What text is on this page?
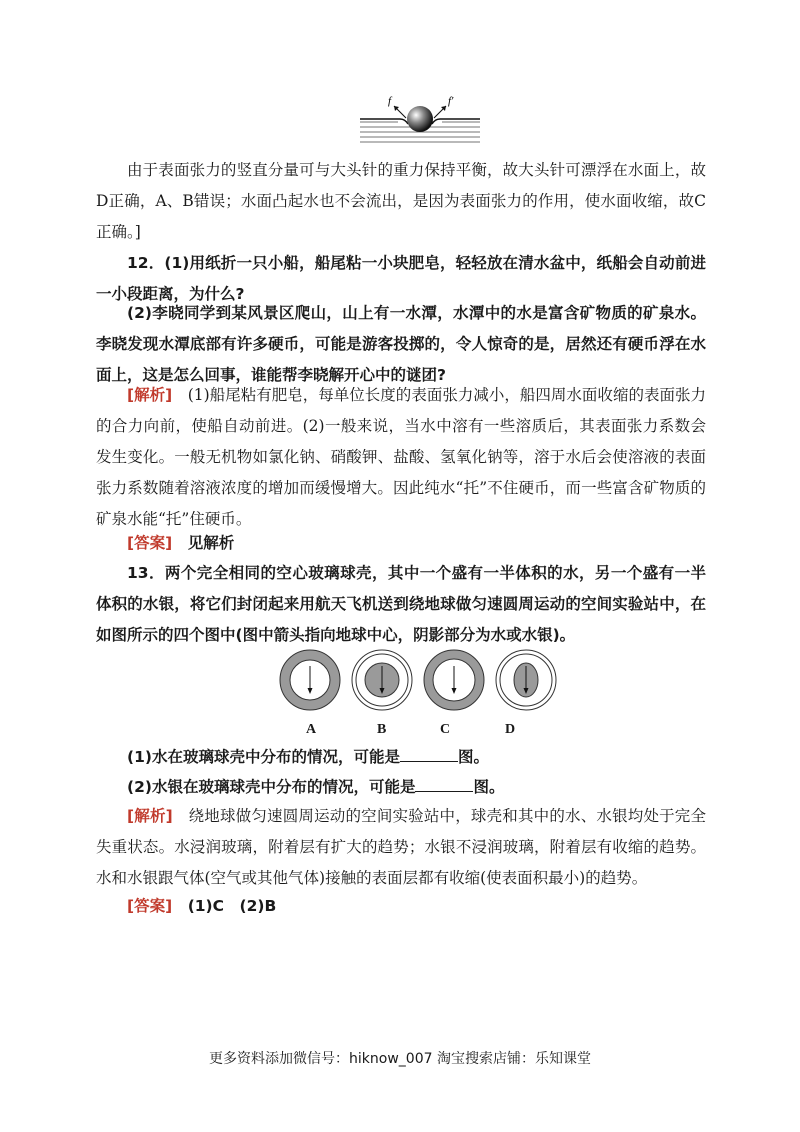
f	f′

由于表面张力的竖直分量可与大头针的重力保持平衡，故大头针可漂浮在水面上，故D正确，A、B错误；水面凸起水也不会流出，是因为表面张力的作用，使水面收缩，故C正确。]

12．(1)用纸折一只小船，船尾粘一小块肥皂，轻轻放在清水盆中，纸船会自动前进一小段距离，为什么?

(2)李晓同学到某风景区爬山，山上有一水潭，水潭中的水是富含矿物质的矿泉水。李晓发现水潭底部有许多硬币，可能是游客投掷的，令人惊奇的是，居然还有硬币浮在水面上，这是怎么回事，谁能帮李晓解开心中的谜团?

[解析]　 (1)船尾粘有肥皂，每单位长度的表面张力减小，船四周水面收缩的表面张力的合力向前，使船自动前进。(2)一般来说，当水中溶有一些溶质后，其表面张力系数会发生变化。一般无机物如氯化钠、硝酸钾、盐酸、氢氧化钠等，溶于水后会使溶液的表面张力系数随着溶液浓度的增加而缓慢增大。因此纯水“托”不住硬币，而一些富含矿物质的矿泉水能“托”住硬币。

[答案]　 见解析

13．两个完全相同的空心玻璃球壳，其中一个盛有一半体积的水，另一个盛有一半体积的水银，将它们封闭起来用航天飞机送到绕地球做匀速圆周运动的空间实验站中，在如图所示的四个图中(图中箭头指向地球中心，阴影部分为水或水银)。

A	B	C	D

(1)水在玻璃球壳中分布的情况，可能是	图。

(2)水银在玻璃球壳中分布的情况，可能是	图。

[解析]　 绕地球做匀速圆周运动的空间实验站中，球壳和其中的水、水银均处于完全失重状态。水浸润玻璃，附着层有扩大的趋势；水银不浸润玻璃，附着层有收缩的趋势。水和水银跟气体(空气或其他气体)接触的表面层都有收缩(使表面积最小)的趋势。

[答案]　 (1)C　(2)B

更多资料添加微信号：hiknow_007 淘宝搜索店铺：乐知课堂
